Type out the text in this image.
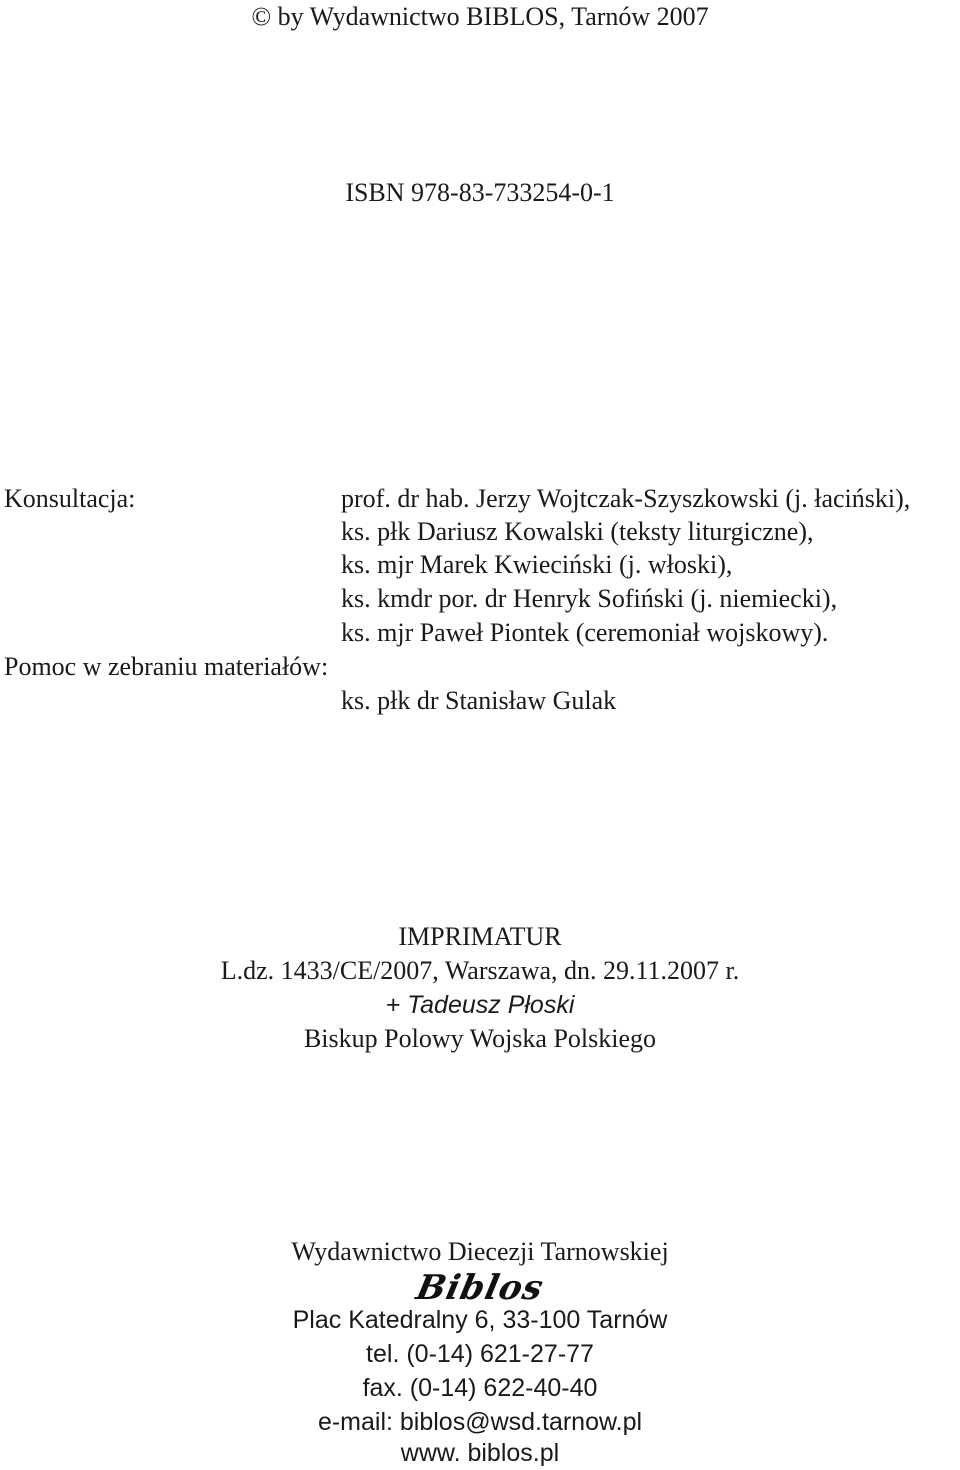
© by Wydawnictwo BIBLOS, Tarnów 2007
ISBN 978-83-733254-0-1
Konsultacja:	prof. dr hab. Jerzy Wojtczak-Szyszkowski (j. łaciński),
ks. płk Dariusz Kowalski (teksty liturgiczne),
ks. mjr Marek Kwieciński (j. włoski),
ks. kmdr por. dr Henryk Sofiński (j. niemiecki),
ks. mjr Paweł Piontek (ceremoniał wojskowy).
Pomoc w zebraniu materiałów:
ks. płk dr Stanisław Gulak
IMPRIMATUR
L.dz. 1433/CE/2007, Warszawa, dn. 29.11.2007 r.
+ Tadeusz Płoski
Biskup Polowy Wojska Polskiego
Wydawnictwo Diecezji Tarnowskiej
Biblos
Plac Katedralny 6, 33-100 Tarnów
tel. (0-14) 621-27-77
fax. (0-14) 622-40-40
e-mail: biblos@wsd.tarnow.pl
www. biblos.pl
